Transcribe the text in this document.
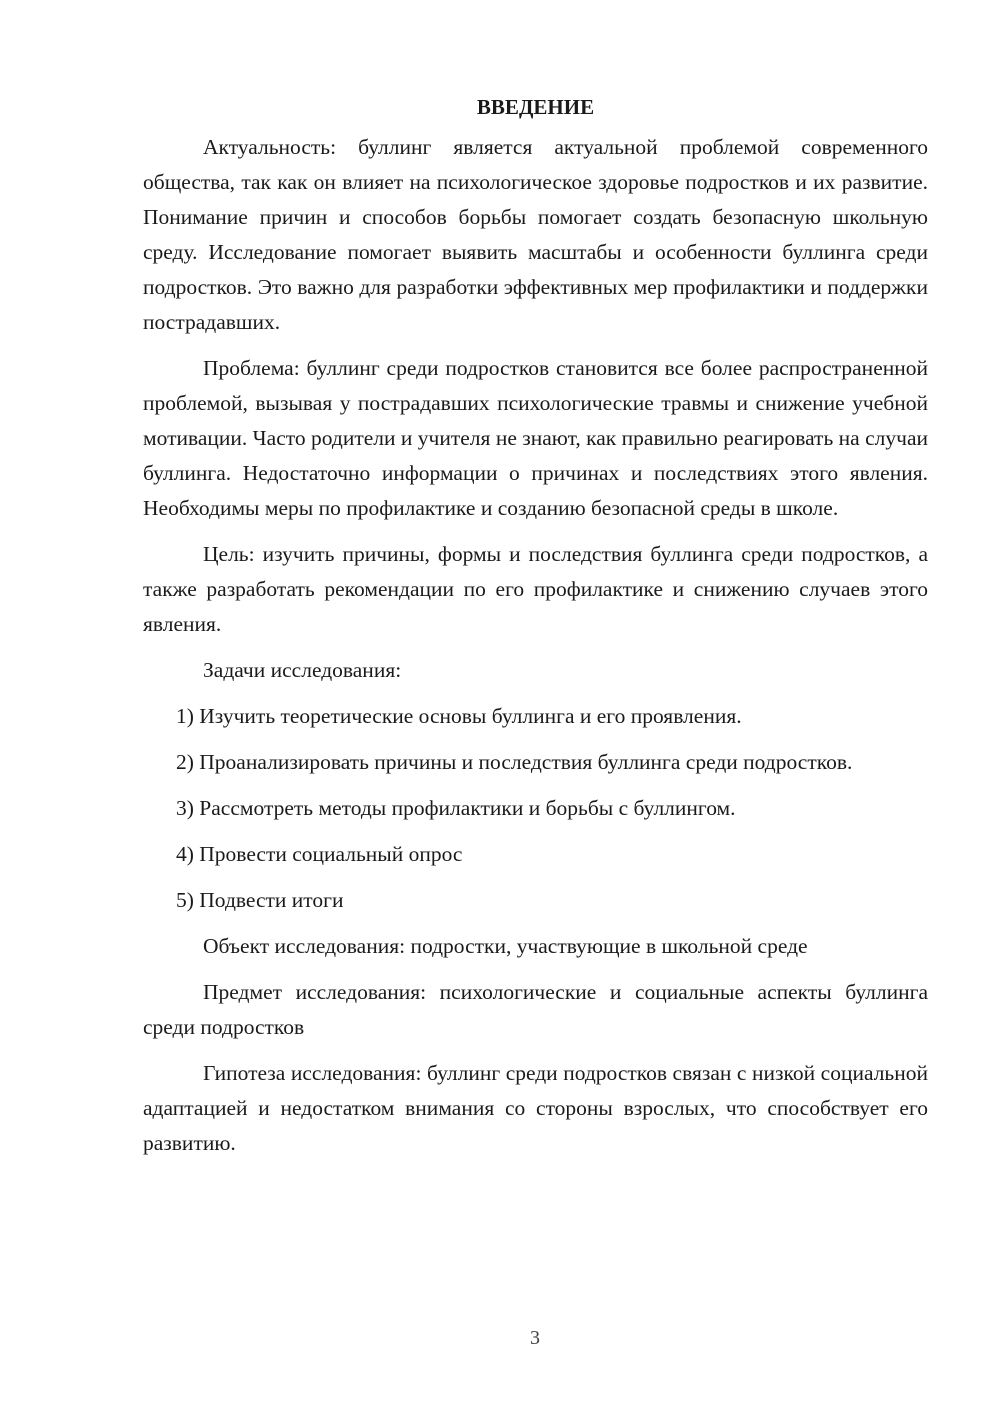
ВВЕДЕНИЕ

Актуальность: буллинг является актуальной проблемой современного общества, так как он влияет на психологическое здоровье подростков и их развитие. Понимание причин и способов борьбы помогает создать безопасную школьную среду. Исследование помогает выявить масштабы и особенности буллинга среди подростков. Это важно для разработки эффективных мер профилактики и поддержки пострадавших.

Проблема: буллинг среди подростков становится все более распространенной проблемой, вызывая у пострадавших психологические травмы и снижение учебной мотивации. Часто родители и учителя не знают, как правильно реагировать на случаи буллинга. Недостаточно информации о причинах и последствиях этого явления. Необходимы меры по профилактике и созданию безопасной среды в школе.

Цель: изучить причины, формы и последствия буллинга среди подростков, а также разработать рекомендации по его профилактике и снижению случаев этого явления.

Задачи исследования:

1) Изучить теоретические основы буллинга и его проявления.

2) Проанализировать причины и последствия буллинга среди подростков.

3) Рассмотреть методы профилактики и борьбы с буллингом.

4) Провести социальный опрос

5) Подвести итоги

Объект исследования: подростки, участвующие в школьной среде

Предмет исследования: психологические и социальные аспекты буллинга среди подростков

Гипотеза исследования: буллинг среди подростков связан с низкой социальной адаптацией и недостатком внимания со стороны взрослых, что способствует его развитию.

3
